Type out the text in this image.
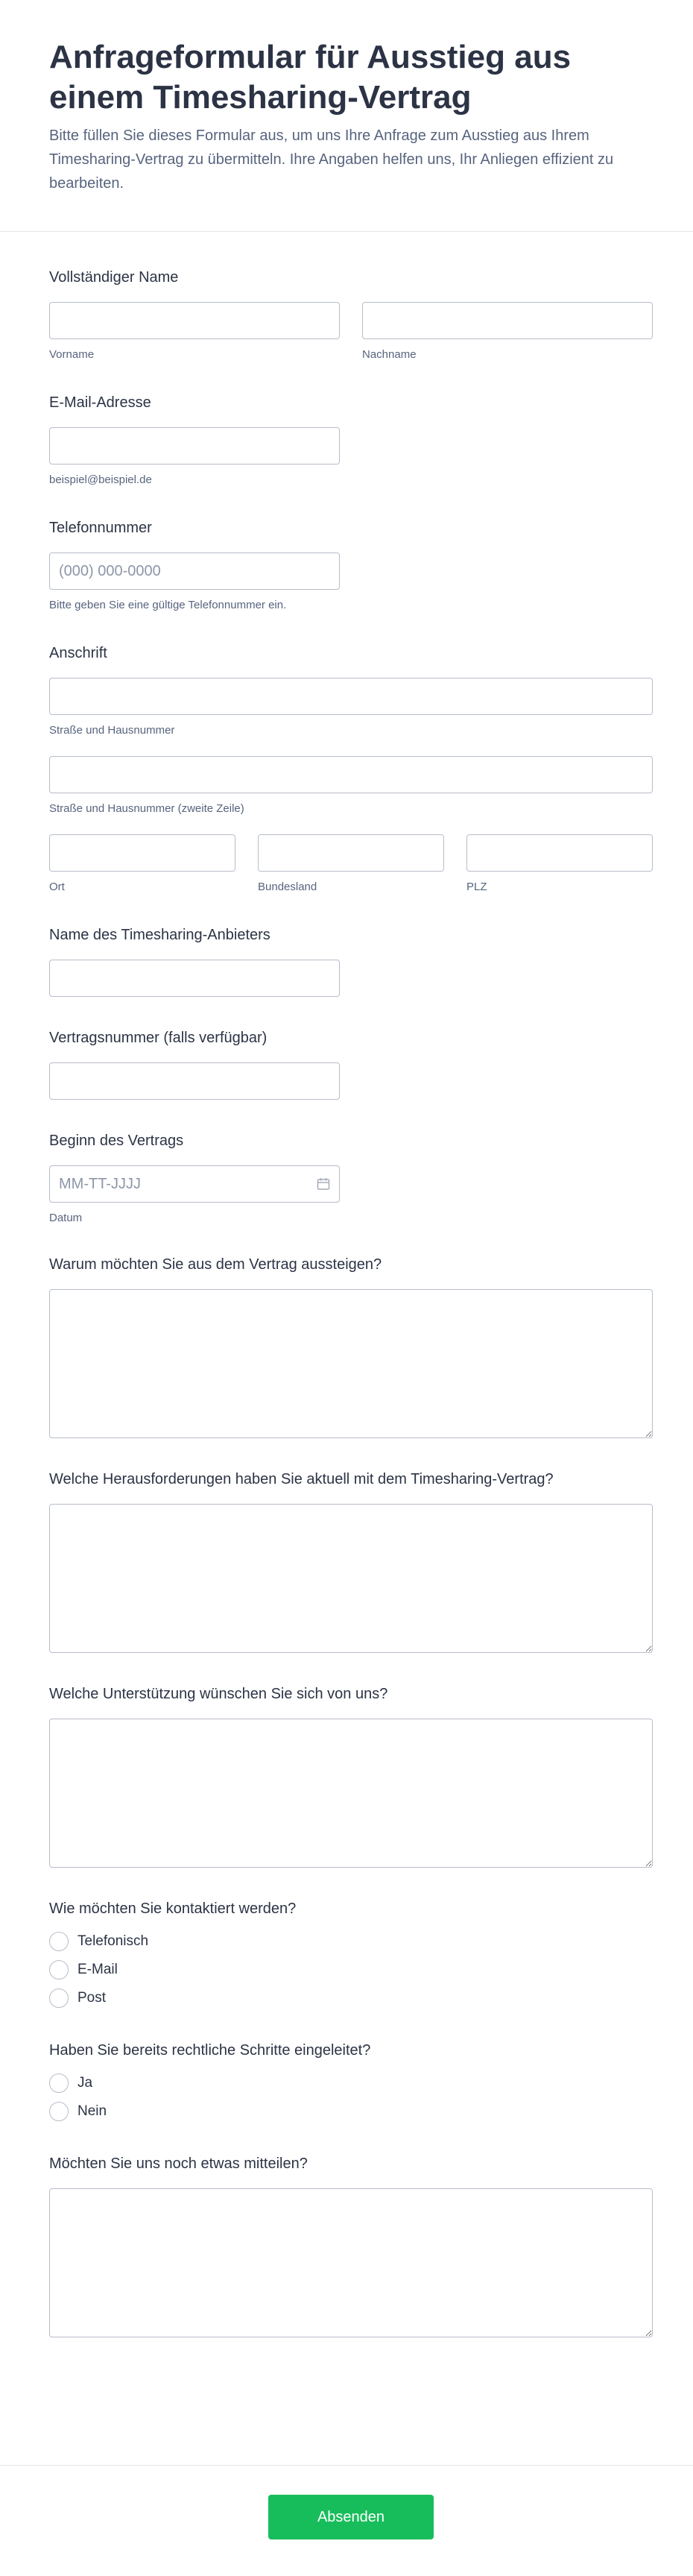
Anfrageformular für Ausstieg aus einem Timesharing-Vertrag

Bitte füllen Sie dieses Formular aus, um uns Ihre Anfrage zum Ausstieg aus Ihrem Timesharing-Vertrag zu übermitteln. Ihre Angaben helfen uns, Ihr Anliegen effizient zu bearbeiten.

Vollständiger Name
Vorname	Nachname
E-Mail-Adresse
beispiel@beispiel.de
Telefonnummer
(000) 000-0000
Bitte geben Sie eine gültige Telefonnummer ein.
Anschrift
Straße und Hausnummer
Straße und Hausnummer (zweite Zeile)
Ort	Bundesland	PLZ
Name des Timesharing-Anbieters
Vertragsnummer (falls verfügbar)
Beginn des Vertrags
MM-TT-JJJJ
Datum
Warum möchten Sie aus dem Vertrag aussteigen?
Welche Herausforderungen haben Sie aktuell mit dem Timesharing-Vertrag?
Welche Unterstützung wünschen Sie sich von uns?
Wie möchten Sie kontaktiert werden?
Telefonisch
E-Mail
Post
Haben Sie bereits rechtliche Schritte eingeleitet?
Ja
Nein
Möchten Sie uns noch etwas mitteilen?
Absenden
